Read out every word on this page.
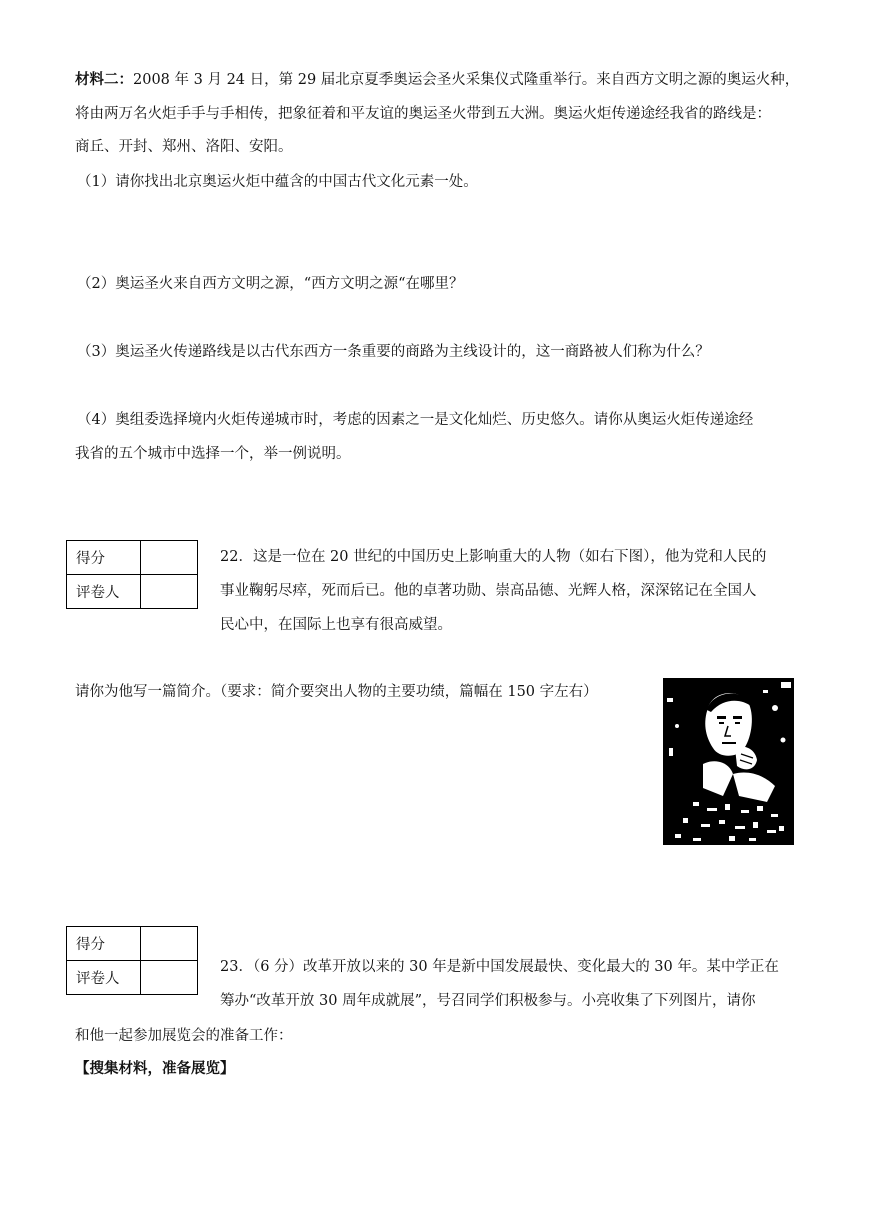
材料二：2008 年 3 月 24 日，第 29 届北京夏季奥运会圣火采集仪式隆重举行。来自西方文明之源的奥运火种，
将由两万名火炬手手与手相传，把象征着和平友谊的奥运圣火带到五大洲。奥运火炬传递途经我省的路线是：
商丘、开封、郑州、洛阳、安阳。
（1）请你找出北京奥运火炬中蕴含的中国古代文化元素一处。
（2）奥运圣火来自西方文明之源，“西方文明之源“在哪里？
（3）奥运圣火传递路线是以古代东西方一条重要的商路为主线设计的，这一商路被人们称为什么？
（4）奥组委选择境内火炬传递城市时，考虑的因素之一是文化灿烂、历史悠久。请你从奥运火炬传递途经
我省的五个城市中选择一个，举一例说明。
得分	
评卷人	
22．这是一位在 20 世纪的中国历史上影响重大的人物（如右下图），他为党和人民的
事业鞠躬尽瘁，死而后已。他的卓著功勋、崇高品德、光辉人格，深深铭记在全国人
民心中，在国际上也享有很高威望。
请你为他写一篇简介。（要求：简介要突出人物的主要功绩，篇幅在 150 字左右）
得分	
评卷人	
23．（6 分）改革开放以来的 30 年是新中国发展最快、变化最大的 30 年。某中学正在
筹办“改革开放 30 周年成就展”，号召同学们积极参与。小亮收集了下列图片，请你
和他一起参加展览会的准备工作：
【搜集材料，准备展览】
